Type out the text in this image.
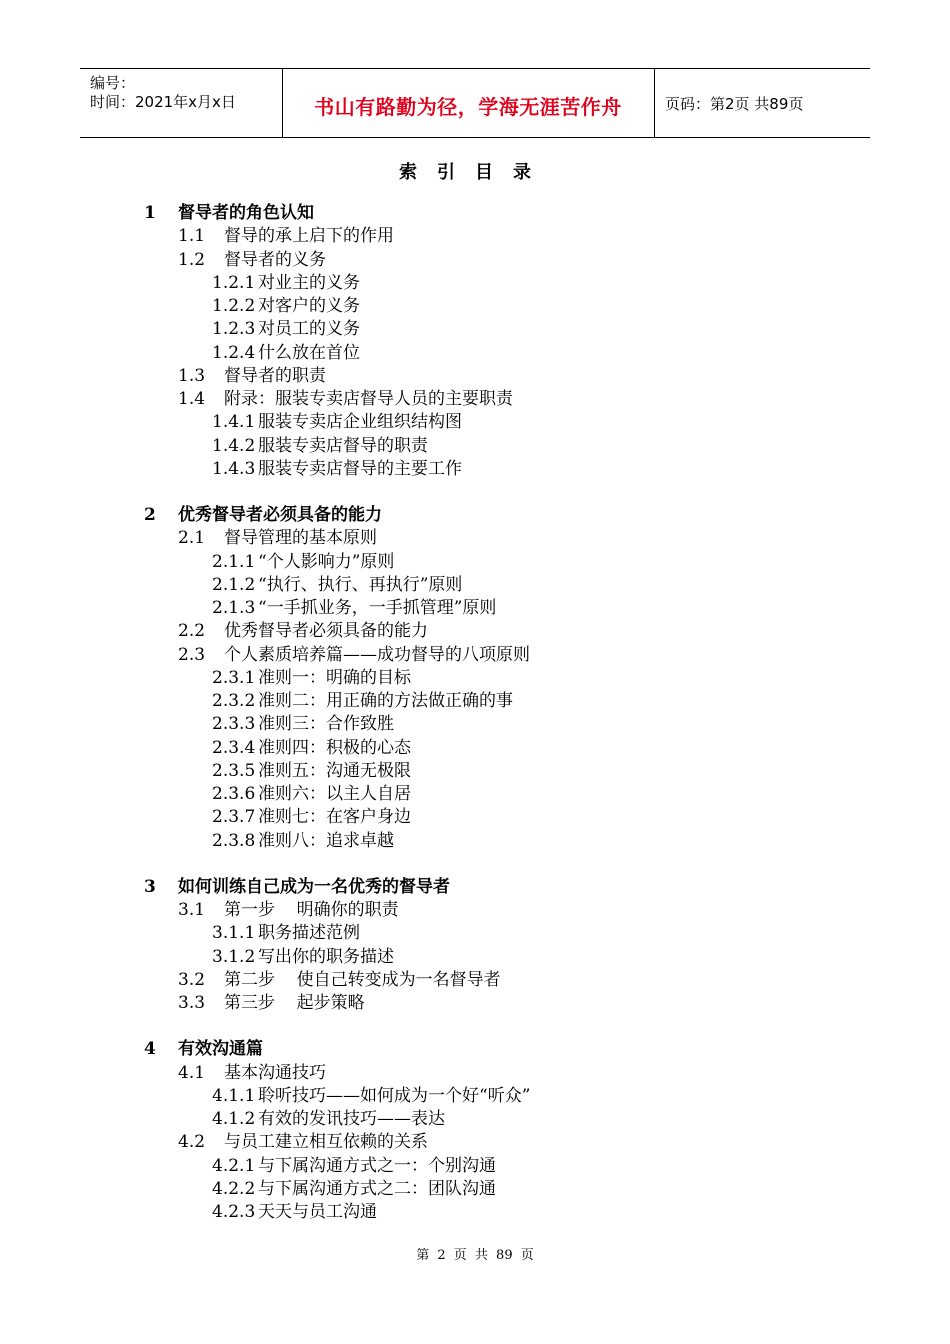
编号：
时间：2021年x月x日	书山有路勤为径，学海无涯苦作舟	页码：第2页 共89页
索引目录
1 督导者的角色认知
1.1 督导的承上启下的作用
1.2 督导者的义务
1.2.1 对业主的义务
1.2.2 对客户的义务
1.2.3 对员工的义务
1.2.4 什么放在首位
1.3 督导者的职责
1.4 附录：服装专卖店督导人员的主要职责
1.4.1 服装专卖店企业组织结构图
1.4.2 服装专卖店督导的职责
1.4.3 服装专卖店督导的主要工作
2 优秀督导者必须具备的能力
2.1 督导管理的基本原则
2.1.1 “个人影响力”原则
2.1.2 “执行、执行、再执行”原则
2.1.3 “一手抓业务，一手抓管理”原则
2.2 优秀督导者必须具备的能力
2.3 个人素质培养篇——成功督导的八项原则
2.3.1 准则一：明确的目标
2.3.2 准则二：用正确的方法做正确的事
2.3.3 准则三：合作致胜
2.3.4 准则四：积极的心态
2.3.5 准则五：沟通无极限
2.3.6 准则六：以主人自居
2.3.7 准则七：在客户身边
2.3.8 准则八：追求卓越
3 如何训练自己成为一名优秀的督导者
3.1 第一步    明确你的职责
3.1.1 职务描述范例
3.1.2 写出你的职务描述
3.2 第二步    使自己转变成为一名督导者
3.3 第三步    起步策略
4 有效沟通篇
4.1 基本沟通技巧
4.1.1 聆听技巧——如何成为一个好“听众”
4.1.2 有效的发讯技巧——表达
4.2 与员工建立相互依赖的关系
4.2.1 与下属沟通方式之一：个别沟通
4.2.2 与下属沟通方式之二：团队沟通
4.2.3 天天与员工沟通
第 2 页 共 89 页
